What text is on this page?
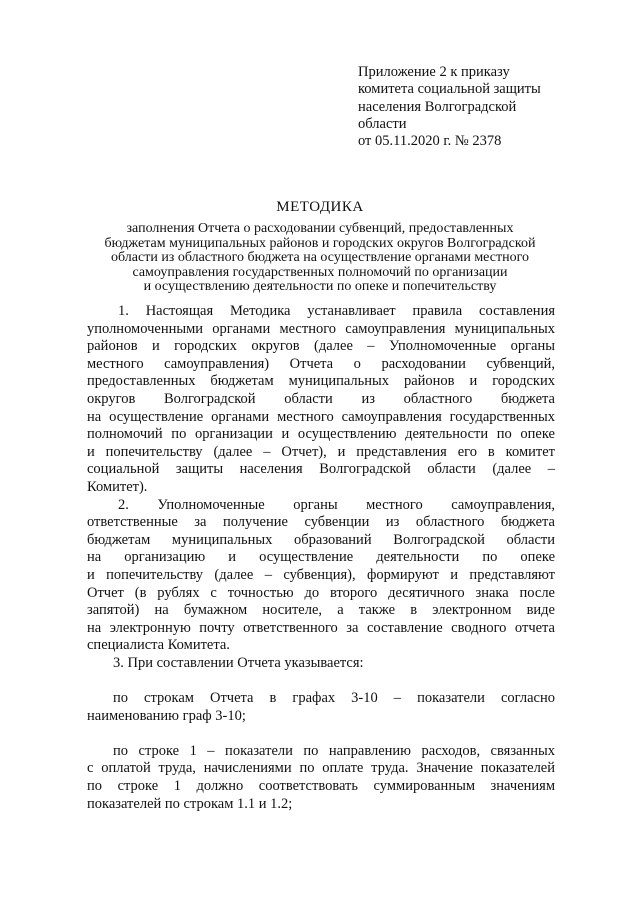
Приложение 2 к приказу
комитета социальной защиты
населения Волгоградской
области
от 05.11.2020 г. № 2378
МЕТОДИКА
заполнения Отчета о расходовании субвенций, предоставленных
бюджетам муниципальных районов и городских округов Волгоградской
области из областного бюджета на осуществление органами местного
самоуправления государственных полномочий по организации
и осуществлению деятельности по опеке и попечительству
1. Настоящая Методика устанавливает правила составления
уполномоченными органами местного самоуправления муниципальных
районов и городских округов (далее – Уполномоченные органы
местного самоуправления) Отчета о расходовании субвенций,
предоставленных бюджетам муниципальных районов и городских
округов Волгоградской области из областного бюджета
на осуществление органами местного самоуправления государственных
полномочий по организации и осуществлению деятельности по опеке
и попечительству (далее – Отчет), и представления его в комитет
социальной защиты населения Волгоградской области (далее –
Комитет).
2. Уполномоченные органы местного самоуправления,
ответственные за получение субвенции из областного бюджета
бюджетам муниципальных образований Волгоградской области
на организацию и осуществление деятельности по опеке
и попечительству (далее – субвенция), формируют и представляют
Отчет (в рублях с точностью до второго десятичного знака после
запятой) на бумажном носителе, а также в электронном виде
на электронную почту ответственного за составление сводного отчета
специалиста Комитета.
3. При составлении Отчета указывается:
по строкам Отчета в графах 3-10 – показатели согласно
наименованию граф 3-10;
по строке 1 – показатели по направлению расходов, связанных
с оплатой труда, начислениями по оплате труда. Значение показателей
по строке 1 должно соответствовать суммированным значениям
показателей по строкам 1.1 и 1.2;
